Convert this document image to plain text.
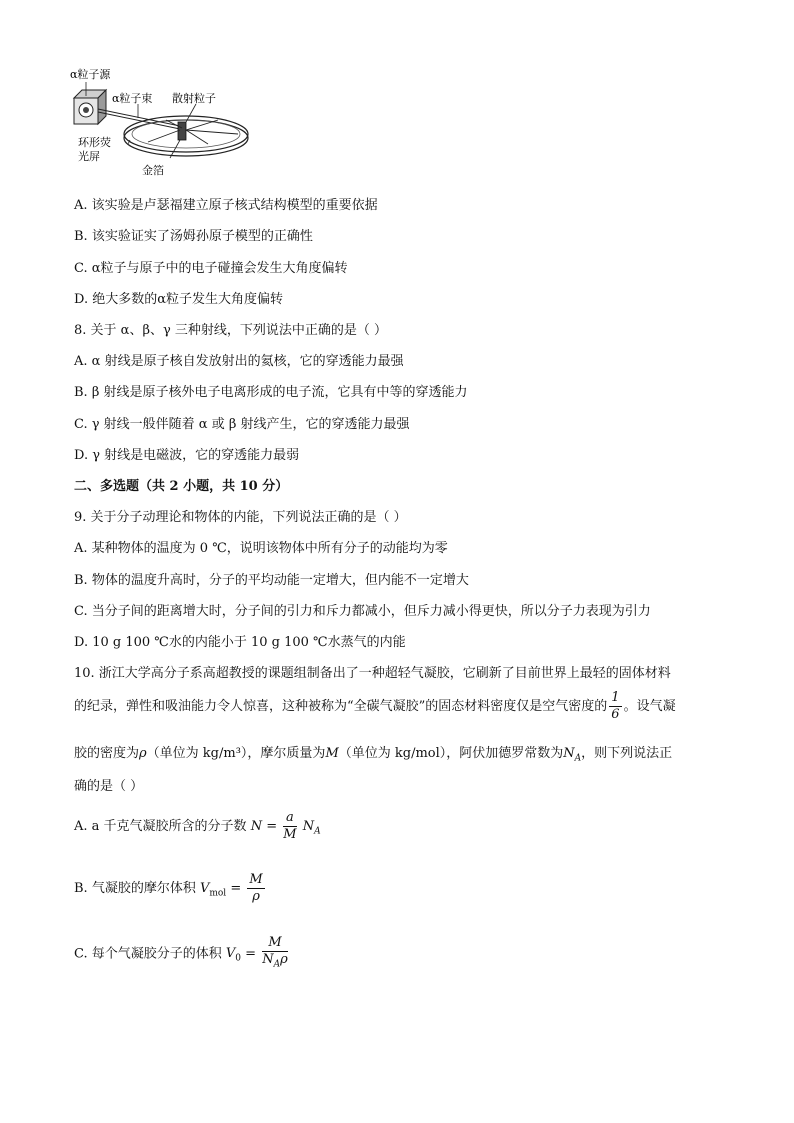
α粒子源
α粒子束 散射粒子
环形荧
光屏
金箔
A. 该实验是卢瑟福建立原子核式结构模型的重要依据
B. 该实验证实了汤姆孙原子模型的正确性
C. α粒子与原子中的电子碰撞会发生大角度偏转
D. 绝大多数的α粒子发生大角度偏转
8. 关于 α、β、γ 三种射线，下列说法中正确的是（ ）
A. α 射线是原子核自发放射出的氦核，它的穿透能力最强
B. β 射线是原子核外电子电离形成的电子流，它具有中等的穿透能力
C. γ 射线一般伴随着 α 或 β 射线产生，它的穿透能力最强
D. γ 射线是电磁波，它的穿透能力最弱
二、多选题（共 2 小题，共 10 分）
9. 关于分子动理论和物体的内能，下列说法正确的是（ ）
A. 某种物体的温度为 0 ℃，说明该物体中所有分子的动能均为零
B. 物体的温度升高时，分子的平均动能一定增大，但内能不一定增大
C. 当分子间的距离增大时，分子间的引力和斥力都减小，但斥力减小得更快，所以分子力表现为引力
D. 10 g 100 ℃水的内能小于 10 g 100 ℃水蒸气的内能
10. 浙江大学高分子系高超教授的课题组制备出了一种超轻气凝胶，它刷新了目前世界上最轻的固体材料
的纪录，弹性和吸油能力令人惊喜，这种被称为“全碳气凝胶”的固态材料密度仅是空气密度的 $\frac{1}{6}$ 。设气凝
胶的密度为ρ（单位为 kg/m³），摩尔质量为M（单位为 kg/mol），阿伏加德罗常数为$N_A$，则下列说法正
确的是（ ）
A. a 千克气凝胶所含的分子数 $N = \frac{a}{M} N_A$
B. 气凝胶的摩尔体积 $V_{mol} = \frac{M}{\rho}$
C. 每个气凝胶分子的体积 $V_0 = \frac{M}{N_A\rho}$
